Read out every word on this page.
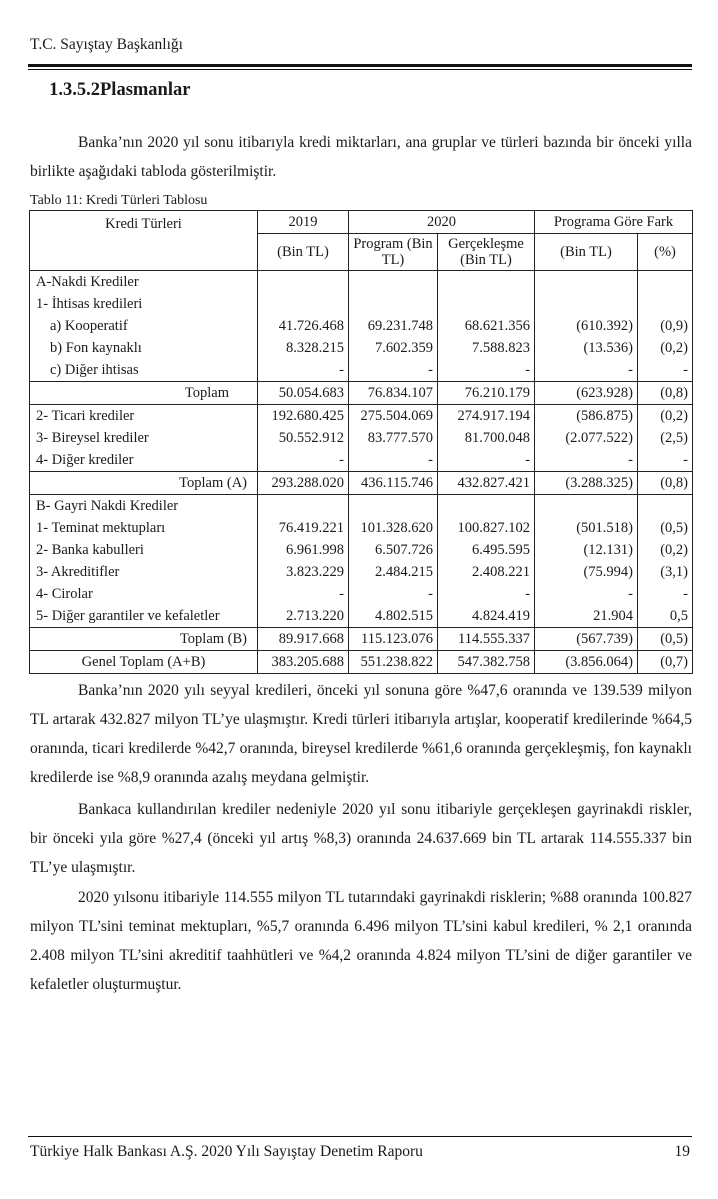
T.C. Sayıştay Başkanlığı
1.3.5.2Plasmanlar
Banka’nın 2020 yıl sonu itibarıyla kredi miktarları, ana gruplar ve türleri bazında bir önceki yılla birlikte aşağıdaki tabloda gösterilmiştir.
Tablo 11: Kredi Türleri Tablosu
Kredi Türleri	2019	2020		Programa Göre Fark	
	(Bin TL)	Program (Bin TL)	Gerçekleşme (Bin TL)	(Bin TL)	(%)
A-Nakdi Krediler					
1- İhtisas kredileri					
a) Kooperatif	41.726.468	69.231.748	68.621.356	(610.392)	(0,9)
b) Fon kaynaklı	8.328.215	7.602.359	7.588.823	(13.536)	(0,2)
c) Diğer ihtisas	-	-	-	-	-
Toplam	50.054.683	76.834.107	76.210.179	(623.928)	(0,8)
2- Ticari krediler	192.680.425	275.504.069	274.917.194	(586.875)	(0,2)
3- Bireysel krediler	50.552.912	83.777.570	81.700.048	(2.077.522)	(2,5)
4- Diğer krediler	-	-	-	-	-
Toplam (A)	293.288.020	436.115.746	432.827.421	(3.288.325)	(0,8)
B- Gayri Nakdi Krediler					
1- Teminat mektupları	76.419.221	101.328.620	100.827.102	(501.518)	(0,5)
2- Banka kabulleri	6.961.998	6.507.726	6.495.595	(12.131)	(0,2)
3- Akreditifler	3.823.229	2.484.215	2.408.221	(75.994)	(3,1)
4- Cirolar	-	-	-	-	-
5- Diğer garantiler ve kefaletler	2.713.220	4.802.515	4.824.419	21.904	0,5
Toplam (B)	89.917.668	115.123.076	114.555.337	(567.739)	(0,5)
Genel Toplam (A+B)	383.205.688	551.238.822	547.382.758	(3.856.064)	(0,7)
Banka’nın 2020 yılı seyyal kredileri, önceki yıl sonuna göre %47,6 oranında ve 139.539 milyon TL artarak 432.827 milyon TL’ye ulaşmıştır. Kredi türleri itibarıyla artışlar, kooperatif kredilerinde %64,5 oranında, ticari kredilerde %42,7 oranında, bireysel kredilerde %61,6 oranında gerçekleşmiş, fon kaynaklı kredilerde ise %8,9 oranında azalış meydana gelmiştir.
Bankaca kullandırılan krediler nedeniyle 2020 yıl sonu itibariyle gerçekleşen gayrinakdi riskler, bir önceki yıla göre %27,4 (önceki yıl artış %8,3) oranında 24.637.669 bin TL artarak 114.555.337 bin TL’ye ulaşmıştır.
2020 yılsonu itibariyle 114.555 milyon TL tutarındaki gayrinakdi risklerin; %88 oranında 100.827 milyon TL’sini teminat mektupları, %5,7 oranında 6.496 milyon TL’sini kabul kredileri, % 2,1 oranında 2.408 milyon TL’sini akreditif taahhütleri ve %4,2 oranında 4.824 milyon TL’sini de diğer garantiler ve kefaletler oluşturmuştur.
Türkiye Halk Bankası A.Ş. 2020 Yılı Sayıştay Denetim Raporu	19
